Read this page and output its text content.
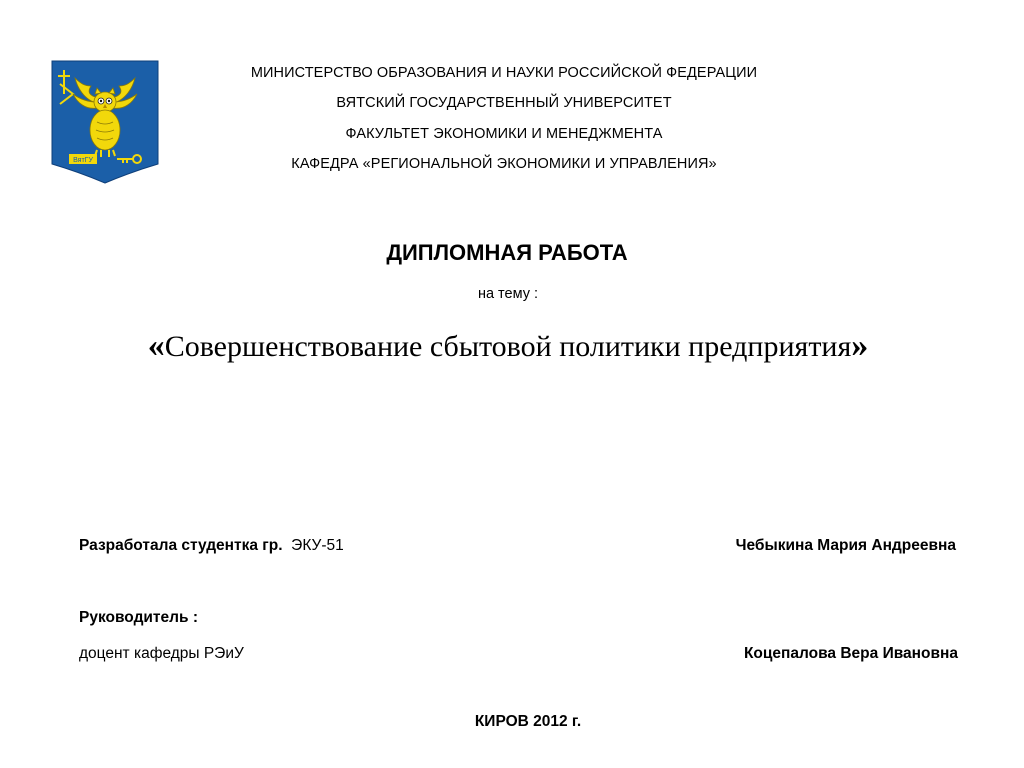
ВятГУ
МИНИСТЕРСТВО ОБРАЗОВАНИЯ И НАУКИ РОССИЙСКОЙ ФЕДЕРАЦИИ
ВЯТСКИЙ ГОСУДАРСТВЕННЫЙ УНИВЕРСИТЕТ
ФАКУЛЬТЕТ ЭКОНОМИКИ И МЕНЕДЖМЕНТА
КАФЕДРА «РЕГИОНАЛЬНОЙ ЭКОНОМИКИ И УПРАВЛЕНИЯ»
ДИПЛОМНАЯ РАБОТА
на тему :
«Совершенствование сбытовой политики предприятия»
Разработала студентка гр. ЭКУ-51	Чебыкина Мария Андреевна
Руководитель :
доцент кафедры РЭиУ	Коцепалова Вера Ивановна
КИРОВ 2012 г.
